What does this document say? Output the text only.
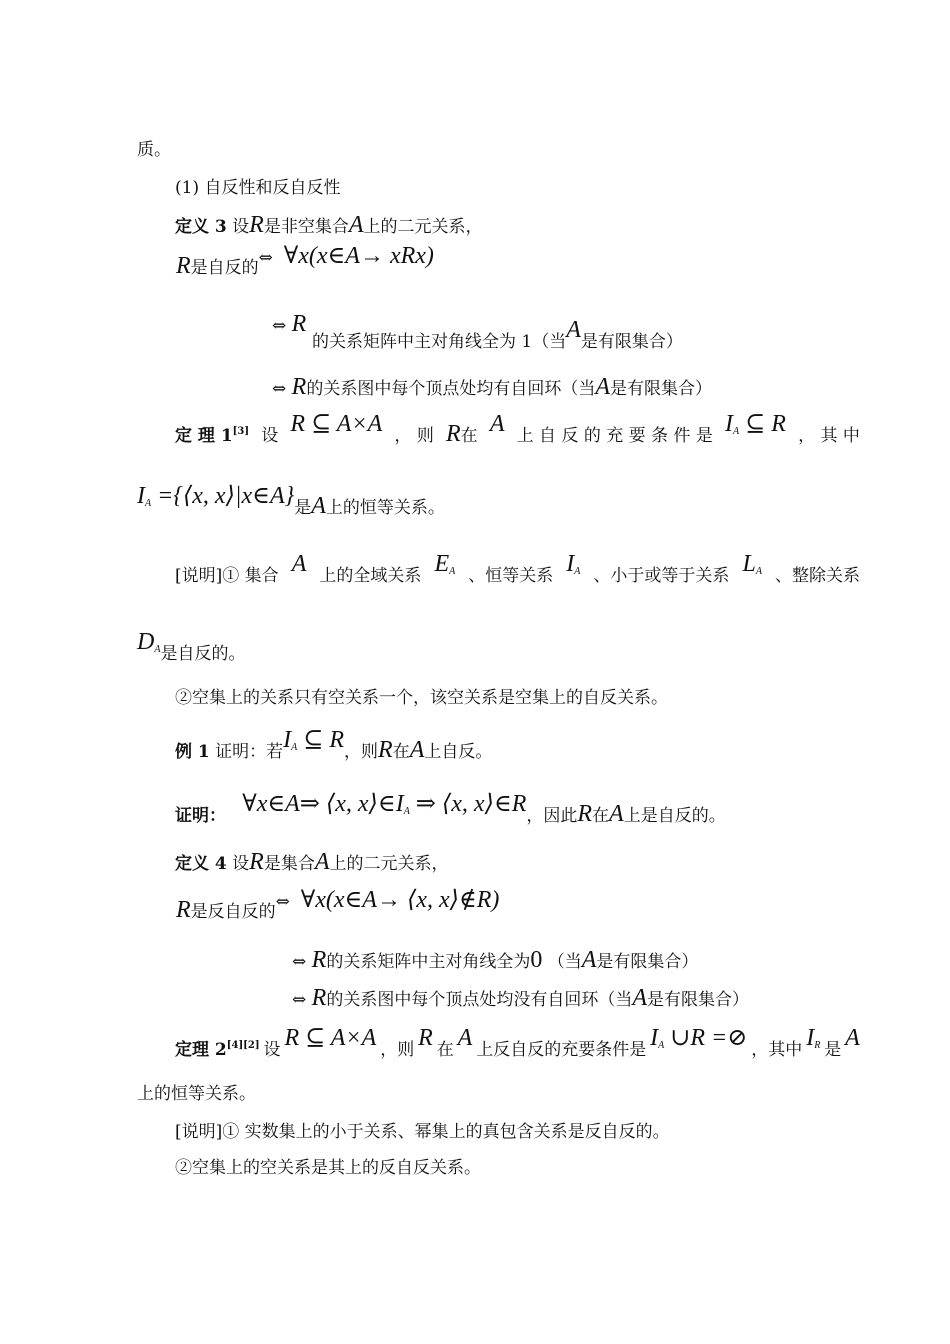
质。
(1) 自反性和反自反性
定义 3 设R是非空集合A上的二元关系，
R是自反的⇔ ∀x(x∈A→ xRx)
⇔ R
的关系矩阵中主对角线全为 1（当A是有限集合）
⇔ R的关系图中每个顶点处均有自回环（当A是有限集合）
定 理 1[3] 设 R ⊆ A×A ， 则 R在 A 上 自 反 的 充 要 条 件 是 $I_A$ ⊆ R ， 其 中
$I_A$ ={⟨x, x⟩|x∈A}是A上的恒等关系。
[说明]① 集合 A 上的全域关系 $E_A$ 、恒等关系 $I_A$ 、小于或等于关系 $L_A$ 、整除关系
$D_A$是自反的。
②空集上的关系只有空关系一个，该空关系是空集上的自反关系。
例 1 证明：若$I_A$ ⊆ R，则R在A上自反。
证明： ∀x∈A⇒ ⟨x, $x⟩\in I_A$ ⇒ ⟨x, x⟩∈R，因此R在A上是自反的。
定义 4 设R是集合A上的二元关系，
R是反自反的⇔ ∀x(x∈A→ ⟨x, x⟩∉R)
⇔ R的关系矩阵中主对角线全为0 （当A是有限集合）
⇔ R的关系图中每个顶点处均没有自回环（当A是有限集合）
定理 2[4][2] 设 R ⊆ A×A ，则 R 在 A 上反自反的充要条件是 $I_A$ ∪R =⊘ ，其中 $I_R$ 是 A
上的恒等关系。
[说明]① 实数集上的小于关系、幂集上的真包含关系是反自反的。
②空集上的空关系是其上的反自反关系。
